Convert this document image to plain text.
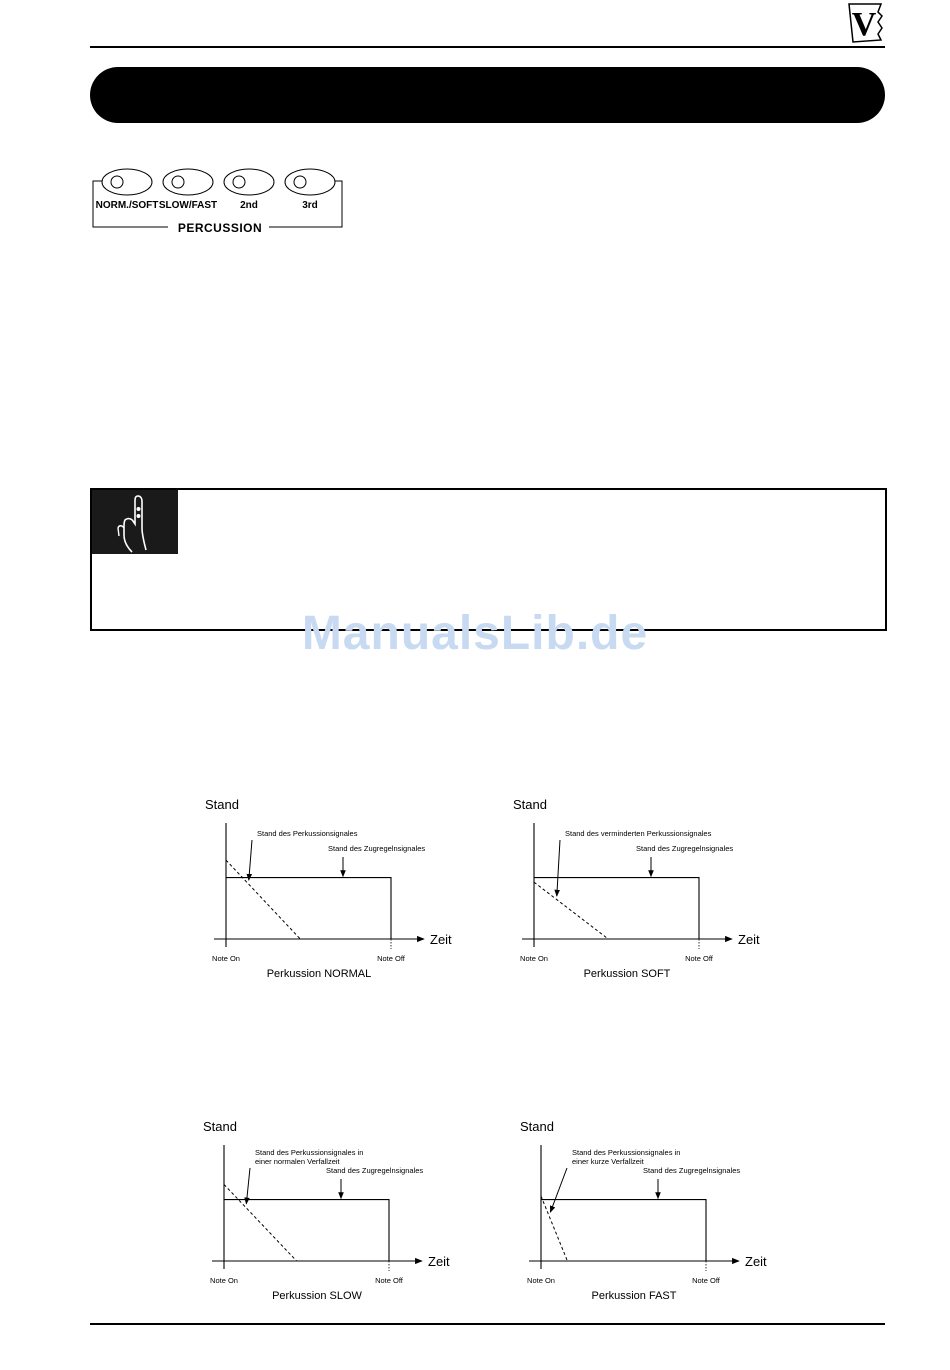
V
NORM./SOFT SLOW/FAST 2nd	3rd
PERCUSSION
ManualsLib.de
Stand
Zeit
Stand des Perkussionsignales
Stand des Zugregelnsignales
Note On	Note Off
Perkussion NORMAL
Stand
Zeit
Stand des verminderten Perkussionsignales
Stand des Zugregelnsignales
Note On	Note Off
Perkussion SOFT
Stand
Zeit
Stand des Perkussionsignales in
einer normalen Verfallzeit
Stand des Zugregelnsignales
Note On	Note Off
Perkussion SLOW
Stand
Zeit
Stand des Perkussionsignales in
einer kurze Verfallzeit
Stand des Zugregelnsignales
Note On	Note Off
Perkussion FAST
